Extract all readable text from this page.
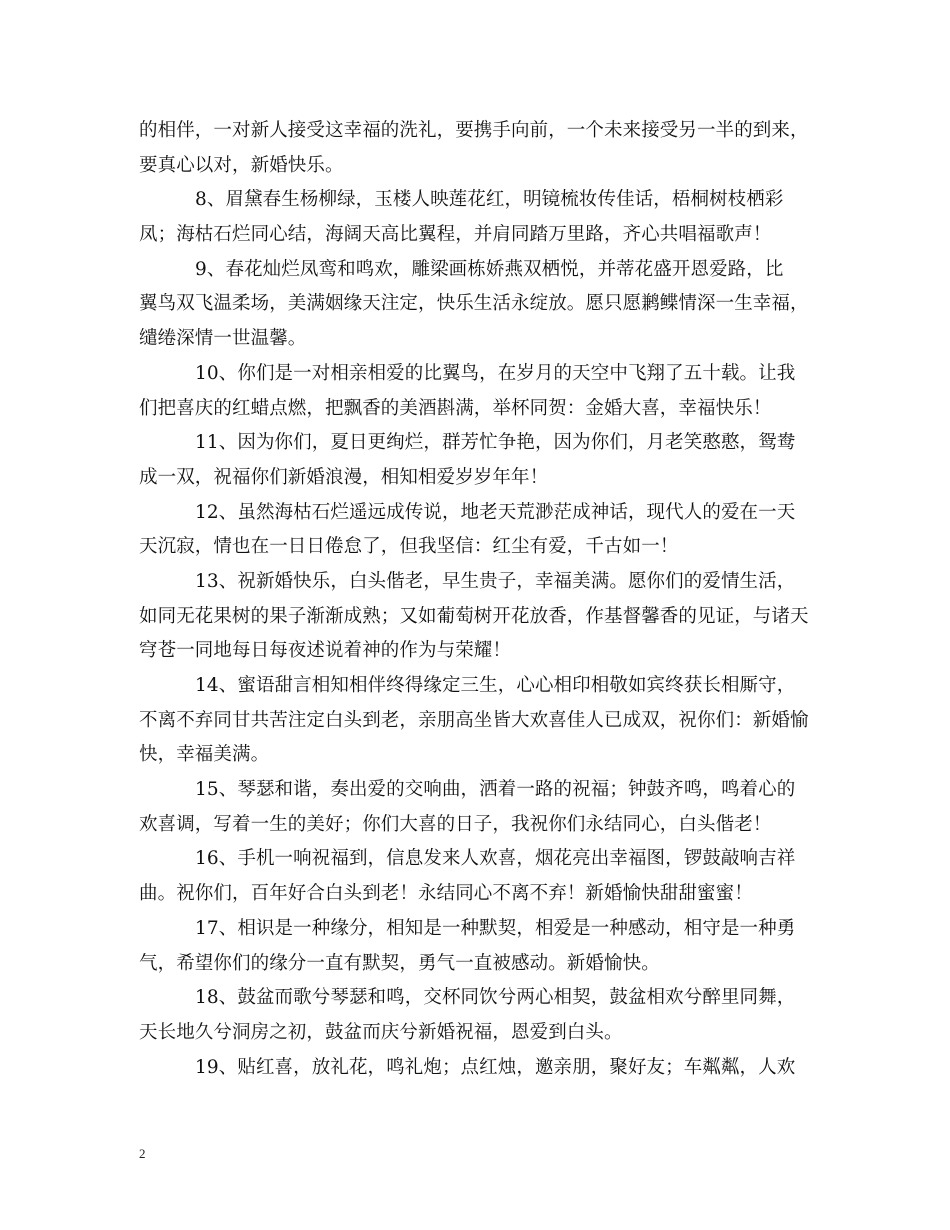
的相伴，一对新人接受这幸福的洗礼，要携手向前，一个未来接受另一半的到来，
要真心以对，新婚快乐。
8、眉黛春生杨柳绿，玉楼人映莲花红，明镜梳妆传佳话，梧桐树枝栖彩
凤；海枯石烂同心结，海阔天高比翼程，并肩同踏万里路，齐心共唱福歌声！
9、春花灿烂凤鸾和鸣欢，雕梁画栋娇燕双栖悦，并蒂花盛开恩爱路，比
翼鸟双飞温柔场，美满姻缘天注定，快乐生活永绽放。愿只愿鹣鲽情深一生幸福，
缱绻深情一世温馨。
10、你们是一对相亲相爱的比翼鸟，在岁月的天空中飞翔了五十载。让我
们把喜庆的红蜡点燃，把飘香的美酒斟满，举杯同贺：金婚大喜，幸福快乐！
11、因为你们，夏日更绚烂，群芳忙争艳，因为你们，月老笑憨憨，鸳鸯
成一双，祝福你们新婚浪漫，相知相爱岁岁年年！
12、虽然海枯石烂遥远成传说，地老天荒渺茫成神话，现代人的爱在一天
天沉寂，情也在一日日倦怠了，但我坚信：红尘有爱，千古如一！
13、祝新婚快乐，白头偕老，早生贵子，幸福美满。愿你们的爱情生活，
如同无花果树的果子渐渐成熟；又如葡萄树开花放香，作基督馨香的见证，与诸天
穹苍一同地每日每夜述说着神的作为与荣耀！
14、蜜语甜言相知相伴终得缘定三生，心心相印相敬如宾终获长相厮守，
不离不弃同甘共苦注定白头到老，亲朋高坐皆大欢喜佳人已成双，祝你们：新婚愉
快，幸福美满。
15、琴瑟和谐，奏出爱的交响曲，洒着一路的祝福；钟鼓齐鸣，鸣着心的
欢喜调，写着一生的美好；你们大喜的日子，我祝你们永结同心，白头偕老！
16、手机一响祝福到，信息发来人欢喜，烟花亮出幸福图，锣鼓敲响吉祥
曲。祝你们，百年好合白头到老！永结同心不离不弃！新婚愉快甜甜蜜蜜！
17、相识是一种缘分，相知是一种默契，相爱是一种感动，相守是一种勇
气，希望你们的缘分一直有默契，勇气一直被感动。新婚愉快。
18、鼓盆而歌兮琴瑟和鸣，交杯同饮兮两心相契，鼓盆相欢兮醉里同舞，
天长地久兮洞房之初，鼓盆而庆兮新婚祝福，恩爱到白头。
19、贴红喜，放礼花，鸣礼炮；点红烛，邀亲朋，聚好友；车粼粼，人欢
2
